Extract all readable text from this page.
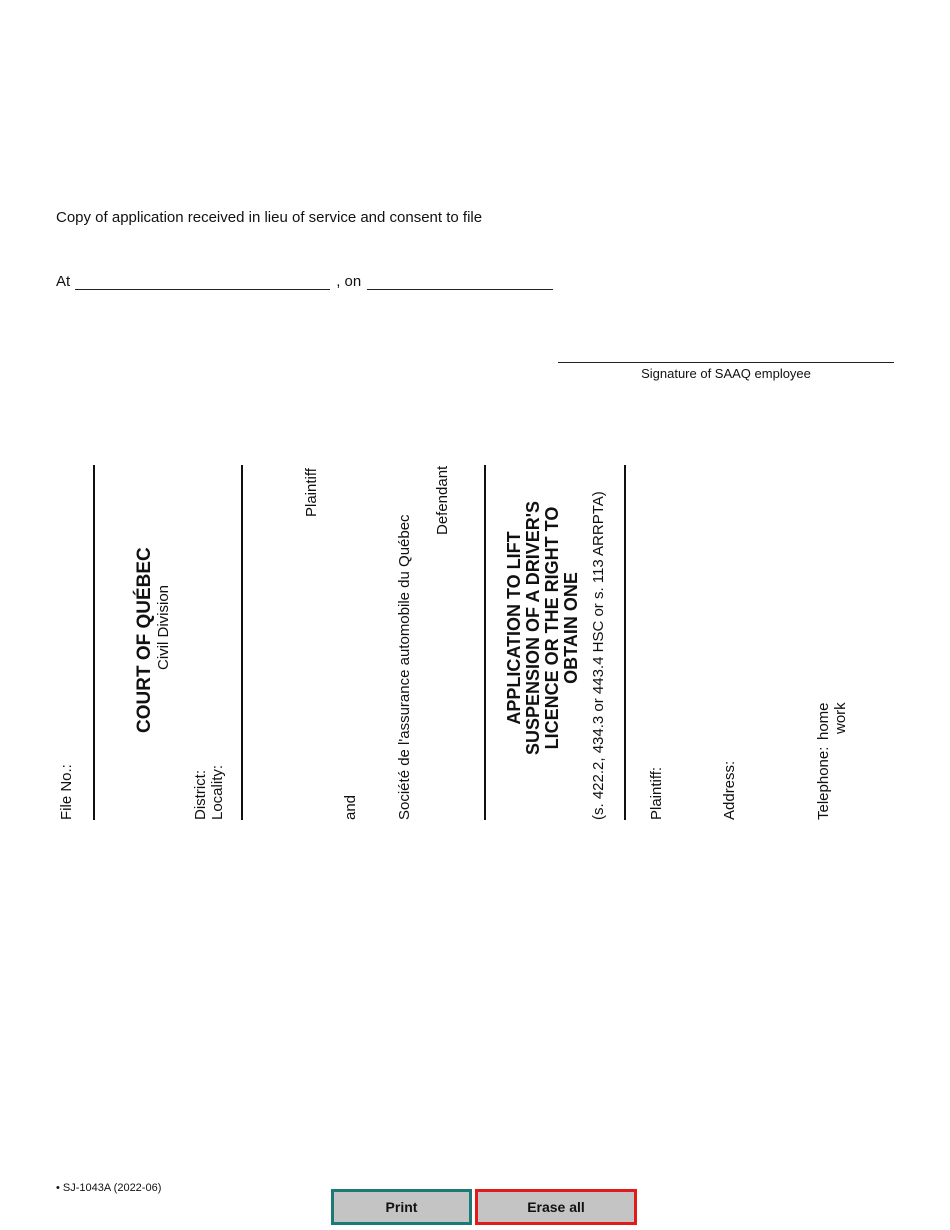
Copy of application received in lieu of service and consent to file
At	, on
Signature of SAAQ employee
File No.:
COURT OF QUÉBEC Civil Division
District: Locality:
Plaintiff
and Société de l'assurance automobile du Québec
Defendant
APPLICATION TO LIFT SUSPENSION OF A DRIVER'S LICENCE OR THE RIGHT TO OBTAIN ONE (s. 422.2, 434.3 or 443.4 HSC or s. 113 ARRPTA)	Plaintiff:	Address:	Telephone:
home work
• SJ-1043A (2022-06)
Print	Erase all
